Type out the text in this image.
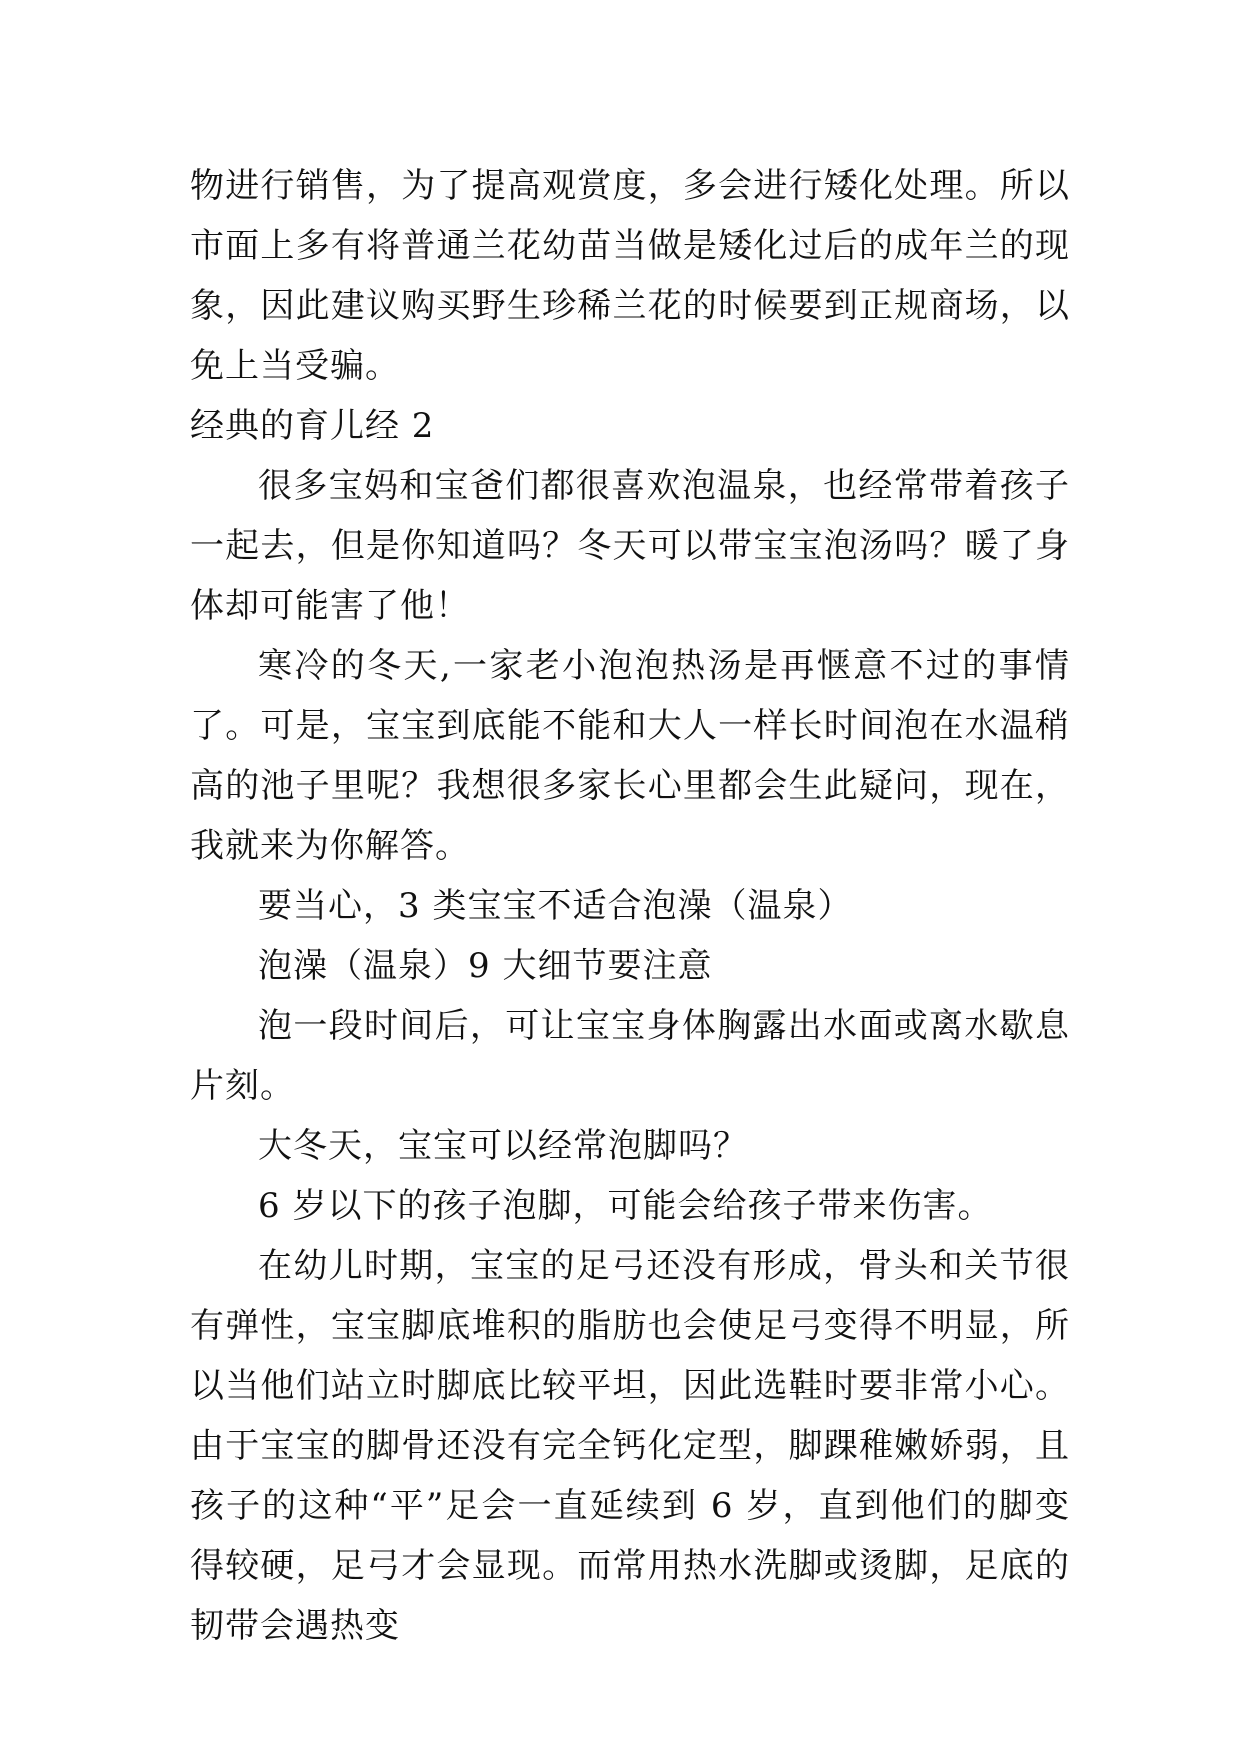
物进行销售，为了提高观赏度，多会进行矮化处理。所以市面上多有将普通兰花幼苗当做是矮化过后的成年兰的现象，因此建议购买野生珍稀兰花的时候要到正规商场，以免上当受骗。

经典的育儿经 2

很多宝妈和宝爸们都很喜欢泡温泉，也经常带着孩子一起去，但是你知道吗？冬天可以带宝宝泡汤吗？暖了身体却可能害了他！

寒冷的冬天,一家老小泡泡热汤是再惬意不过的事情了。可是，宝宝到底能不能和大人一样长时间泡在水温稍高的池子里呢？我想很多家长心里都会生此疑问，现在，我就来为你解答。

要当心，3 类宝宝不适合泡澡（温泉）

泡澡（温泉）9 大细节要注意

泡一段时间后，可让宝宝身体胸露出水面或离水歇息片刻。

大冬天，宝宝可以经常泡脚吗？

6 岁以下的孩子泡脚，可能会给孩子带来伤害。

在幼儿时期，宝宝的足弓还没有形成，骨头和关节很有弹性，宝宝脚底堆积的脂肪也会使足弓变得不明显，所以当他们站立时脚底比较平坦，因此选鞋时要非常小心。由于宝宝的脚骨还没有完全钙化定型，脚踝稚嫩娇弱，且孩子的这种“平”足会一直延续到 6 岁，直到他们的脚变得较硬，足弓才会显现。而常用热水洗脚或烫脚，足底的韧带会遇热变
